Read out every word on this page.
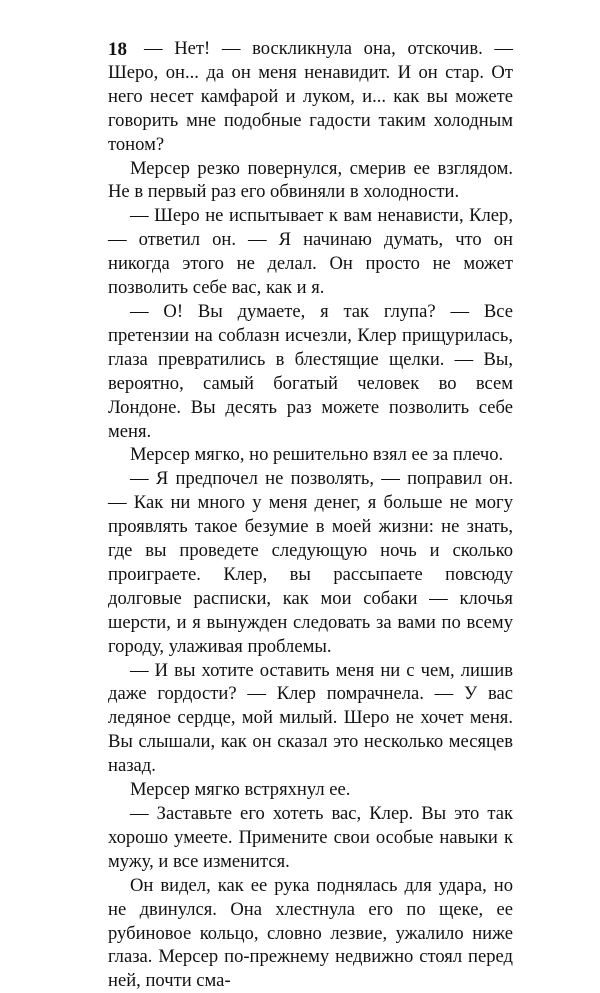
18 — Нет! — воскликнула она, отскочив. — Шеро, он... да он меня ненавидит. И он стар. От него несет камфарой и луком, и... как вы можете говорить мне подобные гадости таким холодным тоном?

Мерсер резко повернулся, смерив ее взглядом. Не в первый раз его обвиняли в холодности.

— Шеро не испытывает к вам ненависти, Клер, — ответил он. — Я начинаю думать, что он никогда этого не делал. Он просто не может позволить себе вас, как и я.

— О! Вы думаете, я так глупа? — Все претензии на соблазн исчезли, Клер прищурилась, глаза превратились в блестящие щелки. — Вы, вероятно, самый богатый человек во всем Лондоне. Вы десять раз можете позволить себе меня.

Мерсер мягко, но решительно взял ее за плечо.

— Я предпочел не позволять, — поправил он. — Как ни много у меня денег, я больше не могу проявлять такое безумие в моей жизни: не знать, где вы проведете следующую ночь и сколько проиграете. Клер, вы рассыпаете повсюду долговые расписки, как мои собаки — клочья шерсти, и я вынужден следовать за вами по всему городу, улаживая проблемы.

— И вы хотите оставить меня ни с чем, лишив даже гордости? — Клер помрачнела. — У вас ледяное сердце, мой милый. Шеро не хочет меня. Вы слышали, как он сказал это несколько месяцев назад.

Мерсер мягко встряхнул ее.

— Заставьте его хотеть вас, Клер. Вы это так хорошо умеете. Примените свои особые навыки к мужу, и все изменится.

Он видел, как ее рука поднялась для удара, но не двинулся. Она хлестнула его по щеке, ее рубиновое кольцо, словно лезвие, ужалило ниже глаза. Мерсер по-прежнему недвижно стоял перед ней, почти сма-
